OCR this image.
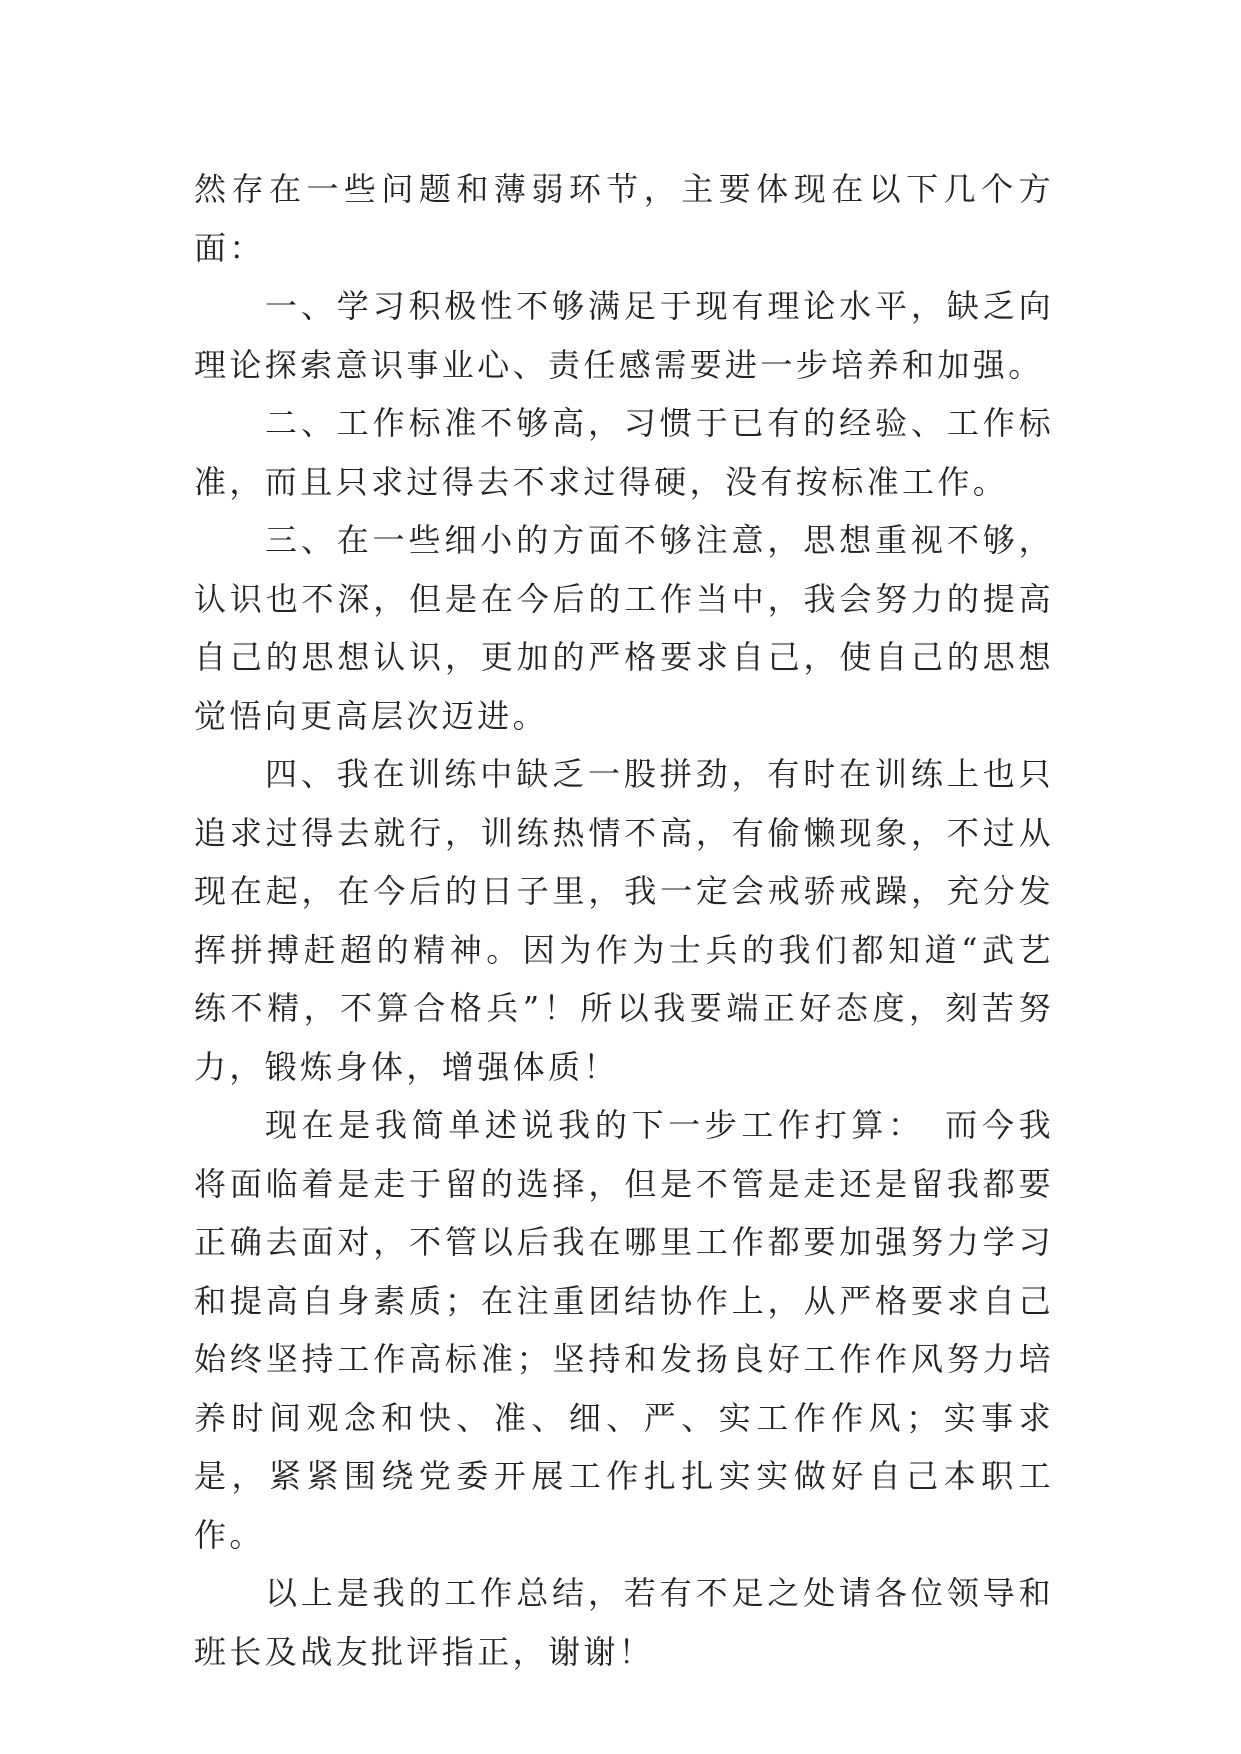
然存在一些问题和薄弱环节，主要体现在以下几个方面：

一、学习积极性不够满足于现有理论水平，缺乏向理论探索意识事业心、责任感需要进一步培养和加强。

二、工作标准不够高，习惯于已有的经验、工作标准，而且只求过得去不求过得硬，没有按标准工作。

三、在一些细小的方面不够注意，思想重视不够，认识也不深，但是在今后的工作当中，我会努力的提高自己的思想认识，更加的严格要求自己，使自己的思想觉悟向更高层次迈进。

四、我在训练中缺乏一股拼劲，有时在训练上也只追求过得去就行，训练热情不高，有偷懒现象，不过从现在起，在今后的日子里，我一定会戒骄戒躁，充分发挥拼搏赶超的精神。因为作为士兵的我们都知道“武艺练不精，不算合格兵”！所以我要端正好态度，刻苦努力，锻炼身体，增强体质！

现在是我简单述说我的下一步工作打算：　而今我将面临着是走于留的选择，但是不管是走还是留我都要正确去面对，不管以后我在哪里工作都要加强努力学习和提高自身素质；在注重团结协作上，从严格要求自己始终坚持工作高标准；坚持和发扬良好工作作风努力培养时间观念和快、准、细、严、实工作作风；实事求是，紧紧围绕党委开展工作扎扎实实做好自己本职工作。

以上是我的工作总结，若有不足之处请各位领导和班长及战友批评指正，谢谢！
